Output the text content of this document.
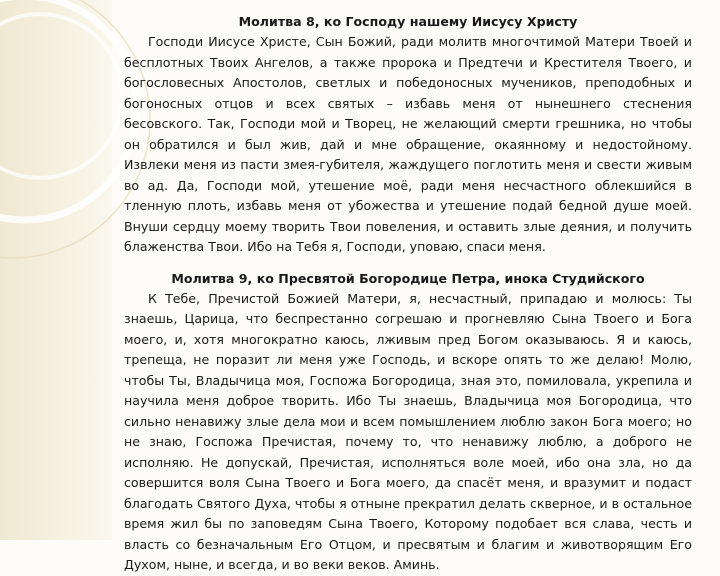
Молитва 8, ко Господу нашему Иисусу Христу

Господи Иисусе Христе, Сын Божий, ради молитв многочтимой Матери Твоей и бесплотных Твоих Ангелов, а также пророка и Предтечи и Крестителя Твоего, и богословесных Апостолов, светлых и победоносных мучеников, преподобных и богоносных отцов и всех святых – избавь меня от нынешнего стеснения бесовского. Так, Господи мой и Творец, не желающий смерти грешника, но чтобы он обратился и был жив, дай и мне обращение, окаянному и недостойному. Извлеки меня из пасти змея-губителя, жаждущего поглотить меня и свести живым во ад. Да, Господи мой, утешение моё, ради меня несчастного облекшийся в тленную плоть, избавь меня от убожества и утешение подай бедной душе моей. Внуши сердцу моему творить Твои повеления, и оставить злые деяния, и получить блаженства Твои. Ибо на Тебя я, Господи, уповаю, спаси меня.

Молитва 9, ко Пресвятой Богородице Петра, инока Студийского

К Тебе, Пречистой Божией Матери, я, несчастный, припадаю и молюсь: Ты знаешь, Царица, что беспрестанно согрешаю и прогневляю Сына Твоего и Бога моего, и, хотя многократно каюсь, лживым пред Богом оказываюсь. Я и каюсь, трепеща, не поразит ли меня уже Господь, и вскоре опять то же делаю! Молю, чтобы Ты, Владычица моя, Госпожа Богородица, зная это, помиловала, укрепила и научила меня доброе творить. Ибо Ты знаешь, Владычица моя Богородица, что сильно ненавижу злые дела мои и всем помышлением люблю закон Бога моего; но не знаю, Госпожа Пречистая, почему то, что ненавижу люблю, а доброго не исполняю. Не допускай, Пречистая, исполняться воле моей, ибо она зла, но да совершится воля Сына Твоего и Бога моего, да спасёт меня, и вразумит и подаст благодать Святого Духа, чтобы я отныне прекратил делать скверное, и в остальное время жил бы по заповедям Сына Твоего, Которому подобает вся слава, честь и власть со безначальным Его Отцом, и пресвятым и благим и животворящим Его Духом, ныне, и всегда, и во веки веков. Аминь.
